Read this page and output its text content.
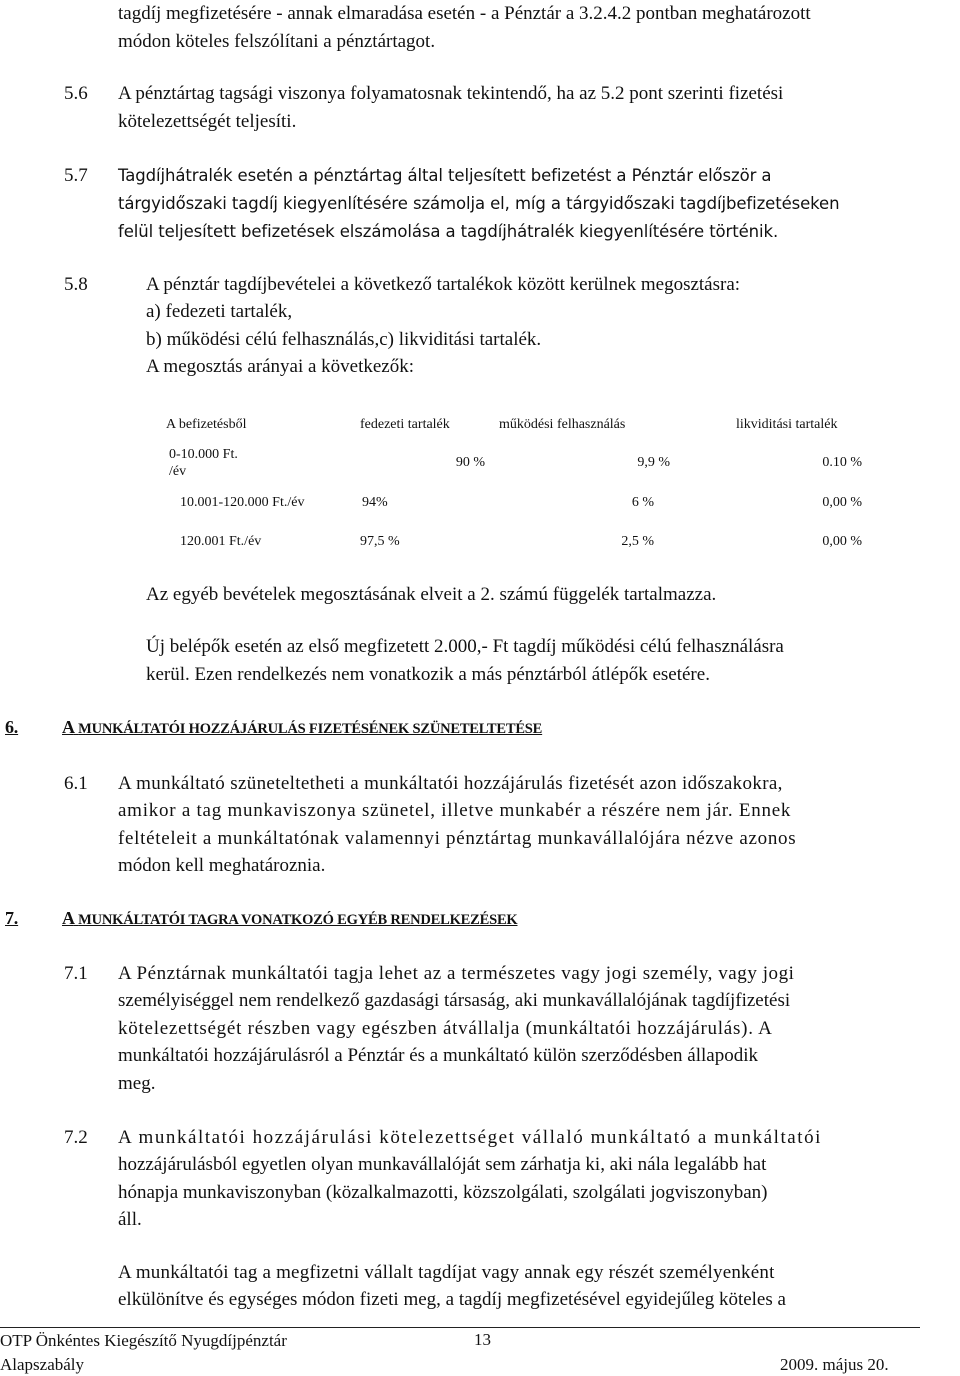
tagdíj megfizetésére - annak elmaradása esetén - a Pénztár a 3.2.4.2 pontban meghatározott
módon köteles felszólítani a pénztártagot.
5.6 A pénztártag tagsági viszonya folyamatosnak tekintendő, ha az 5.2 pont szerinti fizetési
kötelezettségét teljesíti.
5.7 Tagdíjhátralék esetén a pénztártag által teljesített befizetést a Pénztár először a
tárgyidőszaki tagdíj kiegyenlítésére számolja el, míg a tárgyidőszaki tagdíjbefizetéseken
felül teljesített befizetések elszámolása a tagdíjhátralék kiegyenlítésére történik.
5.8	A pénztár tagdíjbevételei a következő tartalékok között kerülnek megosztásra:
a) fedezeti tartalék,
b) működési célú felhasználás,c) likviditási tartalék.
A megosztás arányai a következők:
A befizetésből	fedezeti tartalék	működési felhasználás	likviditási tartalék

0-10.000 Ft.
/év	90 %	9,9 %	0.10 %
10.001-120.000 Ft./év	94%	6 %	0,00 %
120.001 Ft./év	97,5 %	2,5 %	0,00 %
Az egyéb bevételek megosztásának elveit a 2. számú függelék tartalmazza.
Új belépők esetén az első megfizetett 2.000,- Ft tagdíj működési célú felhasználásra
kerül. Ezen rendelkezés nem vonatkozik a más pénztárból átlépők esetére.
6. A MUNKÁLTATÓI HOZZÁJÁRULÁS FIZETÉSÉNEK SZÜNETELTETÉSE
6.1 A munkáltató szüneteltetheti a munkáltatói hozzájárulás fizetését azon időszakokra,
amikor a tag munkaviszonya szünetel, illetve munkabér a részére nem jár. Ennek
feltételeit a munkáltatónak valamennyi pénztártag munkavállalójára nézve azonos
módon kell meghatároznia.
7. A MUNKÁLTATÓI TAGRA VONATKOZÓ EGYÉB RENDELKEZÉSEK
7.1 A Pénztárnak munkáltatói tagja lehet az a természetes vagy jogi személy, vagy jogi
személyiséggel nem rendelkező gazdasági társaság, aki munkavállalójának tagdíjfizetési
kötelezettségét részben vagy egészben átvállalja (munkáltatói hozzájárulás). A
munkáltatói hozzájárulásról a Pénztár és a munkáltató külön szerződésben állapodik
meg.
7.2 A munkáltatói hozzájárulási kötelezettséget vállaló munkáltató a munkáltatói
hozzájárulásból egyetlen olyan munkavállalóját sem zárhatja ki, aki nála legalább hat
hónapja munkaviszonyban (közalkalmazotti, közszolgálati, szolgálati jogviszonyban)
áll.
A munkáltatói tag a megfizetni vállalt tagdíjat vagy annak egy részét személyenként
elkülönítve és egységes módon fizeti meg, a tagdíj megfizetésével egyidejűleg köteles a
OTP Önkéntes Kiegészítő Nyugdíjpénztár	13
Alapszabály	2009. május 20.
